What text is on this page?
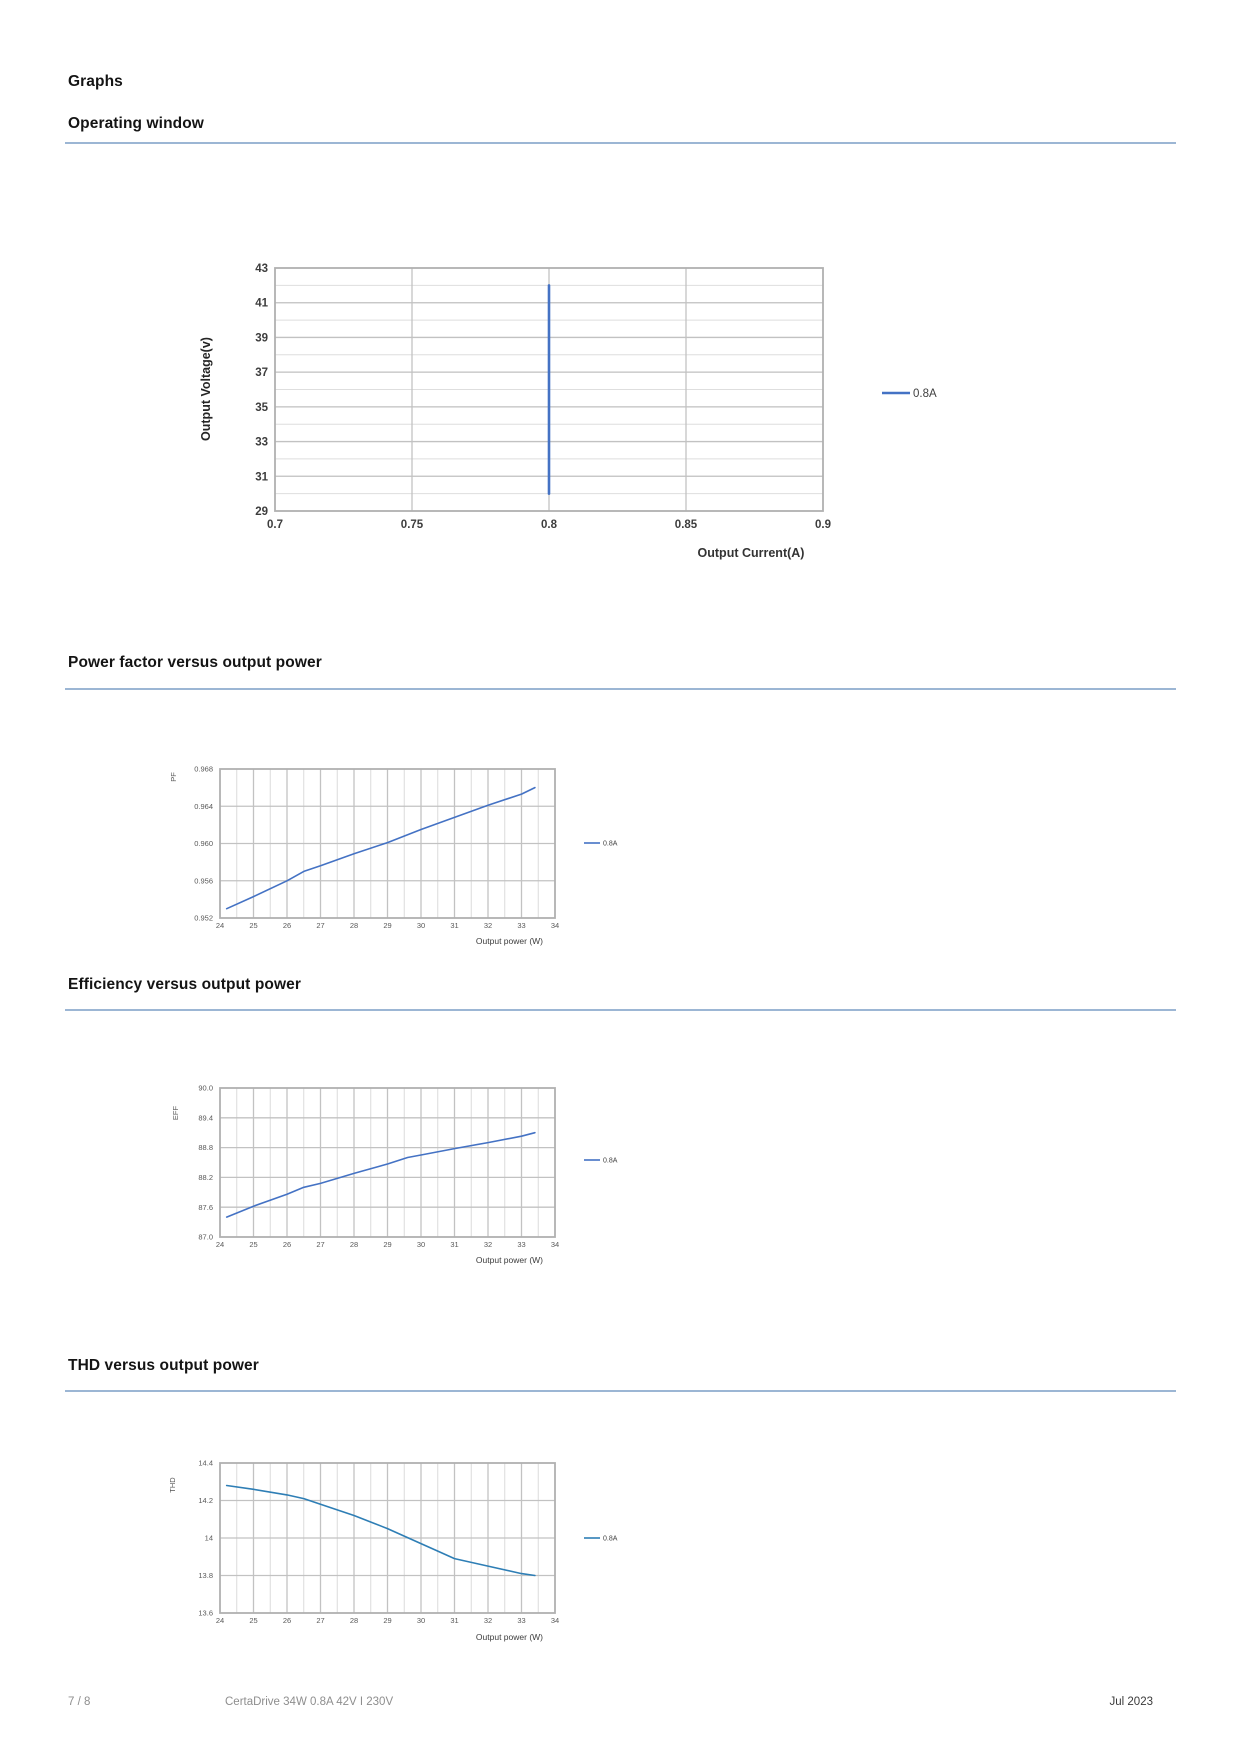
Graphs
Operating window
29
31
33
35
37
39
41
43
0.7	0.75	0.8	0.85	0.9
Output Current(A)
Output Voltage(v)	0.8A
Power factor versus output power
0.952
0.956
0.960
0.964
0.968
24	25	26	27	28	29	30	31	32	33	34
Output power (W)
PF
0.8A
Efficiency versus output power
87.0
87.6
88.2
88.8
89.4
90.0
24	25	26	27	28	29	30	31	32	33	34
Output power (W)
EFF
0.8A
THD versus output power
13.6
13.8
14
14.2
14.4
24	25	26	27	28	29	30	31	32	33	34
Output power (W)
THD
0.8A
7 / 8	CertaDrive 34W 0.8A 42V I 230V	Jul 2023
